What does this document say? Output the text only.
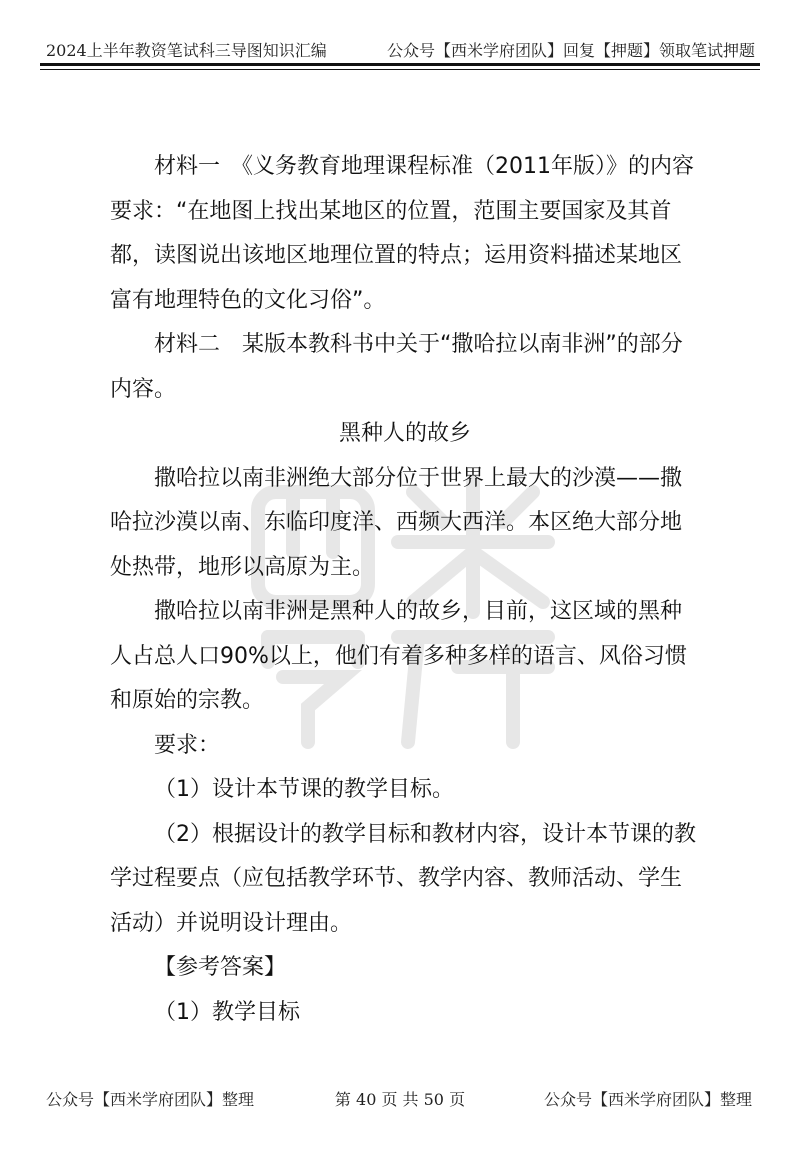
2024上半年教资笔试科三导图知识汇编	公众号【西米学府团队】回复【押题】领取笔试押题

材料一　《义务教育地理课程标准（2011年版）》的内容要求：“在地图上找出某地区的位置，范围主要国家及其首都，读图说出该地区地理位置的特点；运用资料描述某地区富有地理特色的文化习俗”。

材料二　某版本教科书中关于“撒哈拉以南非洲”的部分内容。

黑种人的故乡

撒哈拉以南非洲绝大部分位于世界上最大的沙漠——撒哈拉沙漠以南、东临印度洋、西频大西洋。本区绝大部分地处热带，地形以高原为主。

撒哈拉以南非洲是黑种人的故乡，目前，这区域的黑种人占总人口90%以上，他们有着多种多样的语言、风俗习惯和原始的宗教。

要求：

（1）设计本节课的教学目标。

（2）根据设计的教学目标和教材内容，设计本节课的教学过程要点（应包括教学环节、教学内容、教师活动、学生活动）并说明设计理由。

【参考答案】

（1）教学目标

公众号【西米学府团队】整理	第 40 页 共 50 页	公众号【西米学府团队】整理
